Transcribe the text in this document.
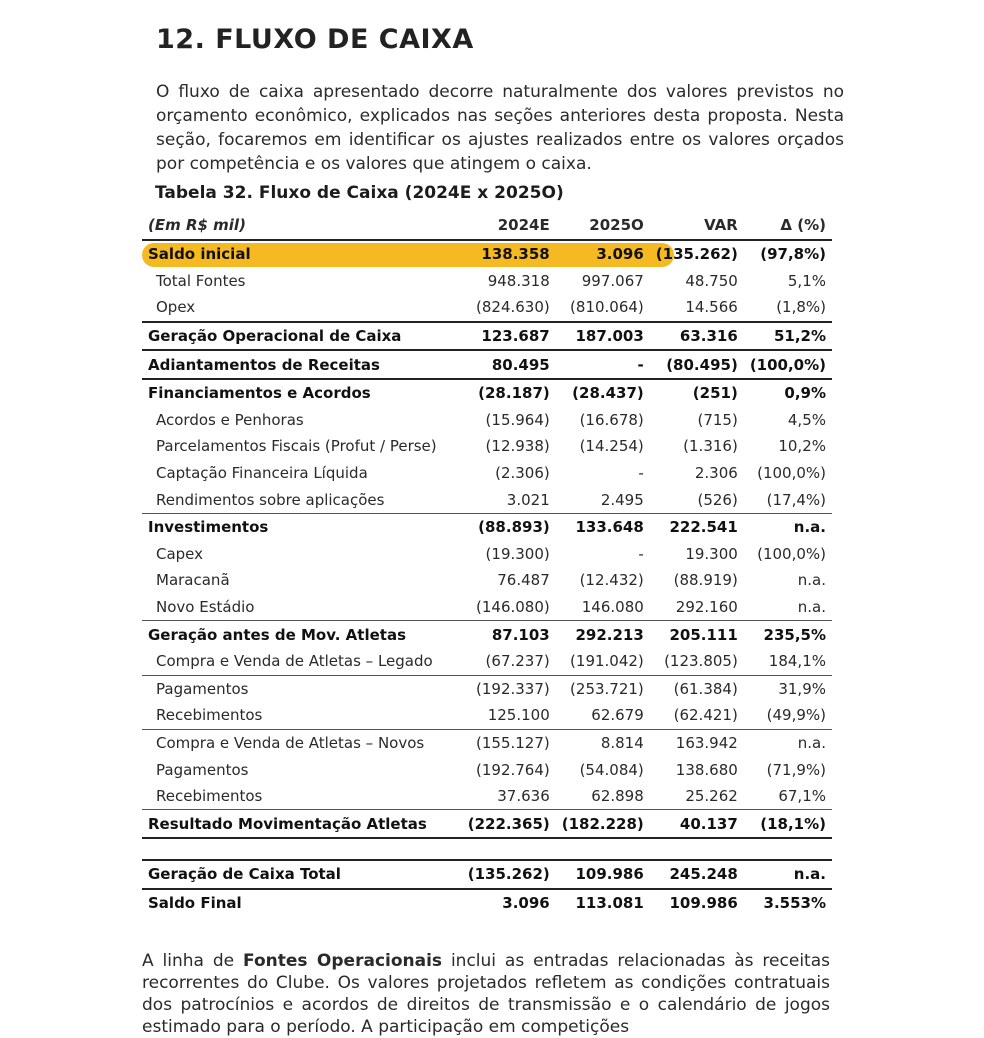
12. FLUXO DE CAIXA

O fluxo de caixa apresentado decorre naturalmente dos valores previstos no orçamento econômico, explicados nas seções anteriores desta proposta. Nesta seção, focaremos em identificar os ajustes realizados entre os valores orçados por competência e os valores que atingem o caixa.

Tabela 32. Fluxo de Caixa (2024E x 2025O)

(Em R$ mil)	2024E	2025O	VAR	Δ (%)
Saldo inicial	138.358	3.096	(135.262)	(97,8%)
Total Fontes	948.318	997.067	48.750	5,1%
Opex	(824.630)	(810.064)	14.566	(1,8%)
Geração Operacional de Caixa	123.687	187.003	63.316	51,2%
Adiantamentos de Receitas	80.495	-	(80.495)	(100,0%)
Financiamentos e Acordos	(28.187)	(28.437)	(251)	0,9%
Acordos e Penhoras	(15.964)	(16.678)	(715)	4,5%
Parcelamentos Fiscais (Profut / Perse)	(12.938)	(14.254)	(1.316)	10,2%
Captação Financeira Líquida	(2.306)	-	2.306	(100,0%)
Rendimentos sobre aplicações	3.021	2.495	(526)	(17,4%)
Investimentos	(88.893)	133.648	222.541	n.a.
Capex	(19.300)	-	19.300	(100,0%)
Maracanã	76.487	(12.432)	(88.919)	n.a.
Novo Estádio	(146.080)	146.080	292.160	n.a.
Geração antes de Mov. Atletas	87.103	292.213	205.111	235,5%
Compra e Venda de Atletas – Legado	(67.237)	(191.042)	(123.805)	184,1%
Pagamentos	(192.337)	(253.721)	(61.384)	31,9%
Recebimentos	125.100	62.679	(62.421)	(49,9%)
Compra e Venda de Atletas – Novos	(155.127)	8.814	163.942	n.a.
Pagamentos	(192.764)	(54.084)	138.680	(71,9%)
Recebimentos	37.636	62.898	25.262	67,1%
Resultado Movimentação Atletas	(222.365)	(182.228)	40.137	(18,1%)

Geração de Caixa Total	(135.262)	109.986	245.248	n.a.
Saldo Final	3.096	113.081	109.986	3.553%

A linha de Fontes Operacionais inclui as entradas relacionadas às receitas recorrentes do Clube. Os valores projetados refletem as condições contratuais dos patrocínios e acordos de direitos de transmissão e o calendário de jogos estimado para o período. A participação em competições
